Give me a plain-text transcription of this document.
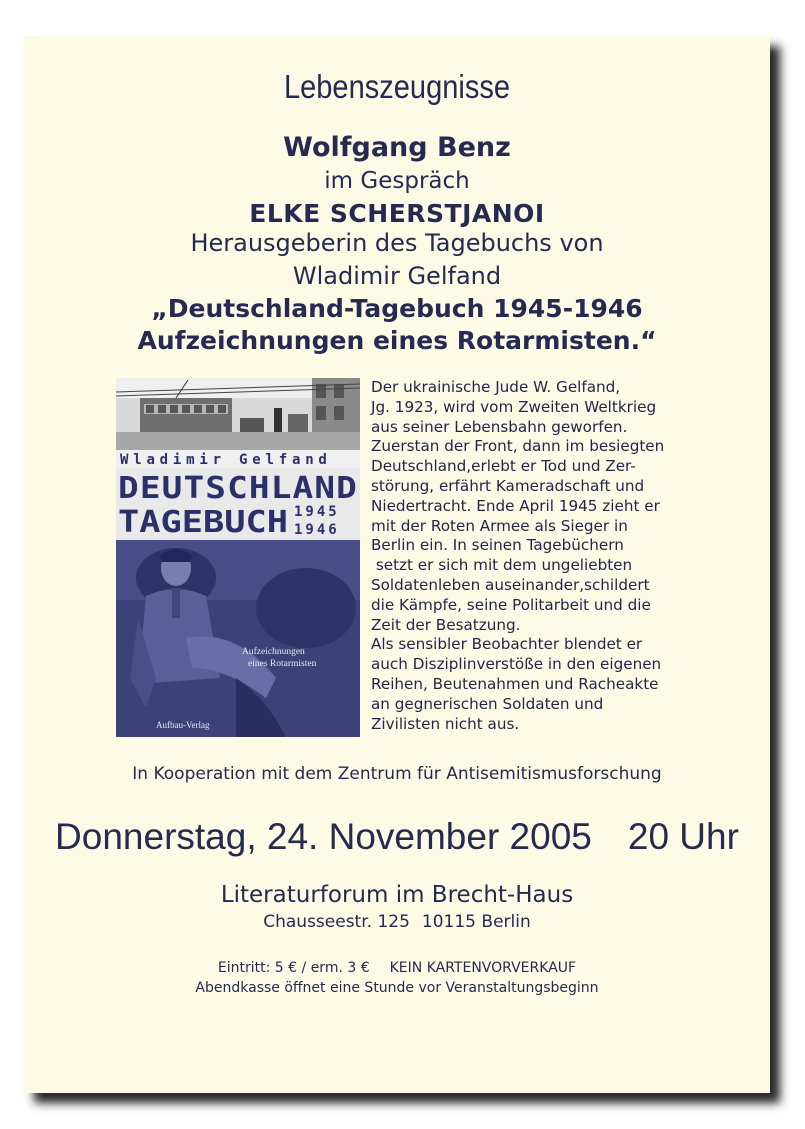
Lebenszeugnisse
Wolfgang Benz
im Gespräch
ELKE SCHERSTJANOI
Herausgeberin des Tagebuchs von
Wladimir Gelfand
„Deutschland-Tagebuch 1945-1946
Aufzeichnungen eines Rotarmisten.“
Wladimir Gelfand
DEUTSCHLAND
TAGEBUCH 1945
1946
Aufzeichnungen
eines Rotarmisten
Aufbau-Verlag
Der ukrainische Jude W. Gelfand,
Jg. 1923, wird vom Zweiten Weltkrieg
aus seiner Lebensbahn geworfen.
Zuerstan der Front, dann im besiegten
Deutschland,erlebt er Tod und Zer-
störung, erfährt Kameradschaft und
Niedertracht. Ende April 1945 zieht er
mit der Roten Armee als Sieger in
Berlin ein. In seinen Tagebüchern
setzt er sich mit dem ungeliebten
Soldatenleben auseinander,schildert
die Kämpfe, seine Politarbeit und die
Zeit der Besatzung.
Als sensibler Beobachter blendet er
auch Disziplinverstöße in den eigenen
Reihen, Beutenahmen und Racheakte
an gegnerischen Soldaten und
Zivilisten nicht aus.
In Kooperation mit dem Zentrum für Antisemitismusforschung
Donnerstag, 24. November 2005 20 Uhr
Literaturforum im Brecht-Haus
Chausseestr. 125 10115 Berlin
Eintritt: 5 € / erm. 3 € KEIN KARTENVORVERKAUF
Abendkasse öffnet eine Stunde vor Veranstaltungsbeginn
